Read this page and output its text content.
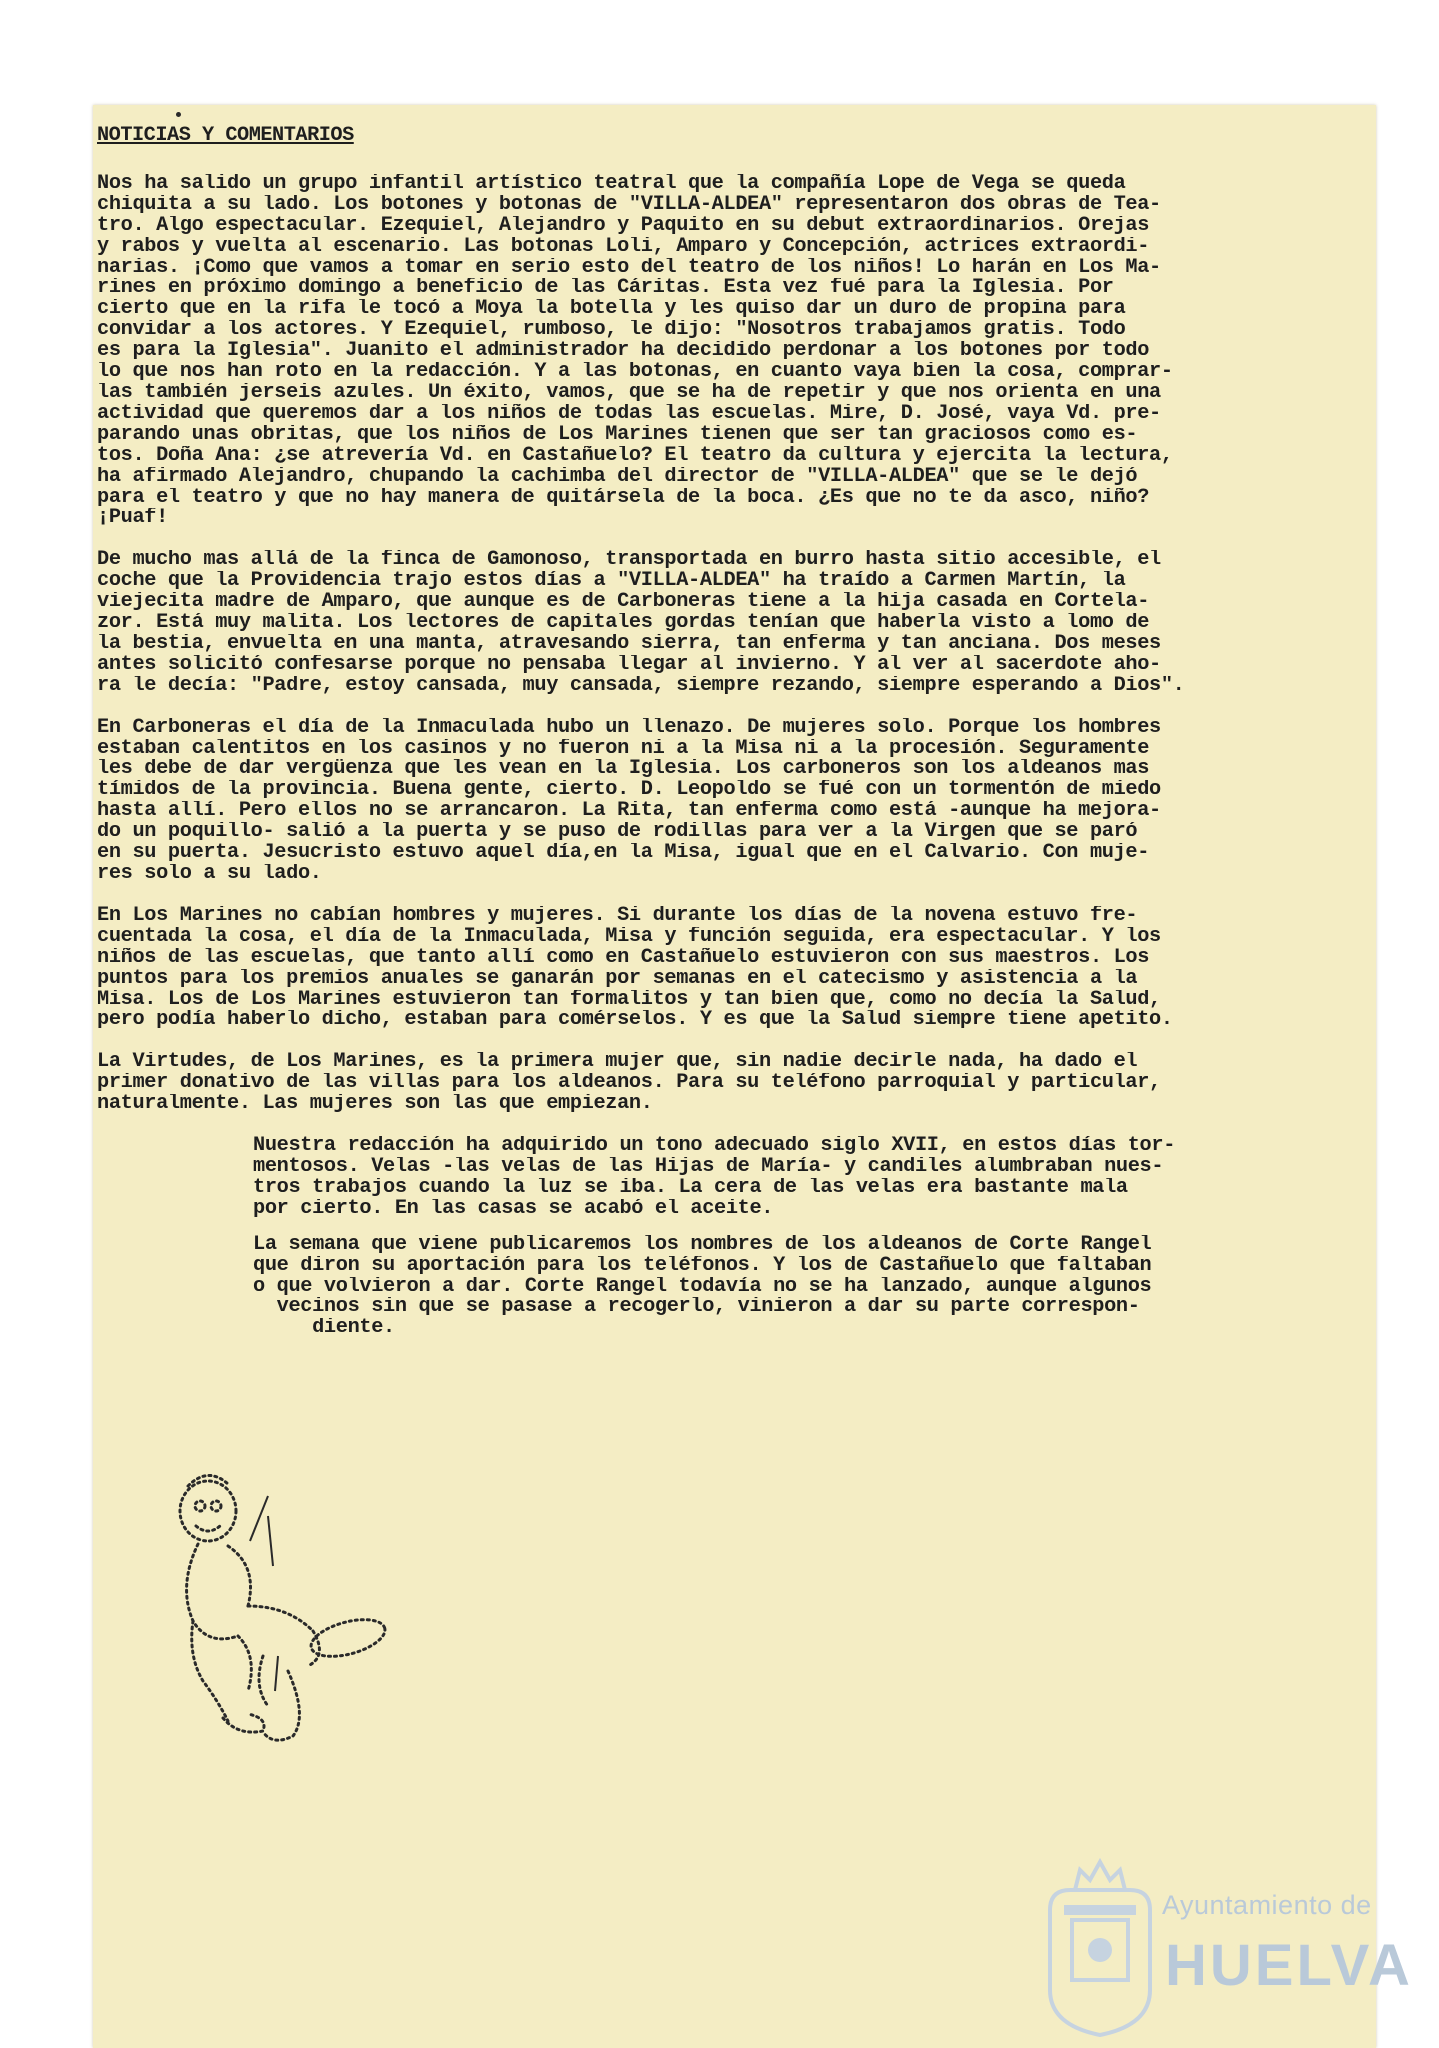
NOTICIAS Y COMENTARIOS
Nos ha salido un grupo infantil artístico teatral que la compañía Lope de Vega se queda
chiquita a su lado. Los botones y botonas de "VILLA-ALDEA" representaron dos obras de Tea-
tro. Algo espectacular. Ezequiel, Alejandro y Paquito en su debut extraordinarios. Orejas
y rabos y vuelta al escenario. Las botonas Loli, Amparo y Concepción, actrices extraordi-
narias. ¡Como que vamos a tomar en serio esto del teatro de los niños! Lo harán en Los Ma-
rines en próximo domingo a beneficio de las Cáritas. Esta vez fué para la Iglesia. Por
cierto que en la rifa le tocó a Moya la botella y les quiso dar un duro de propina para
convidar a los actores. Y Ezequiel, rumboso, le dijo: "Nosotros trabajamos gratis. Todo
es para la Iglesia". Juanito el administrador ha decidido perdonar a los botones por todo
lo que nos han roto en la redacción. Y a las botonas, en cuanto vaya bien la cosa, comprar-
las también jerseis azules. Un éxito, vamos, que se ha de repetir y que nos orienta en una
actividad que queremos dar a los niños de todas las escuelas. Mire, D. José, vaya Vd. pre-
parando unas obritas, que los niños de Los Marines tienen que ser tan graciosos como es-
tos. Doña Ana: ¿se atrevería Vd. en Castañuelo? El teatro da cultura y ejercita la lectura,
ha afirmado Alejandro, chupando la cachimba del director de "VILLA-ALDEA" que se le dejó
para el teatro y que no hay manera de quitársela de la boca. ¿Es que no te da asco, niño?
¡Puaf!
De mucho mas allá de la finca de Gamonoso, transportada en burro hasta sitio accesible, el
coche que la Providencia trajo estos días a "VILLA-ALDEA" ha traído a Carmen Martín, la
viejecita madre de Amparo, que aunque es de Carboneras tiene a la hija casada en Cortela-
zor. Está muy malita. Los lectores de capitales gordas tenían que haberla visto a lomo de
la bestia, envuelta en una manta, atravesando sierra, tan enferma y tan anciana. Dos meses
antes solicitó confesarse porque no pensaba llegar al invierno. Y al ver al sacerdote aho-
ra le decía: "Padre, estoy cansada, muy cansada, siempre rezando, siempre esperando a Dios".
En Carboneras el día de la Inmaculada hubo un llenazo. De mujeres solo. Porque los hombres
estaban calentitos en los casinos y no fueron ni a la Misa ni a la procesión. Seguramente
les debe de dar vergüenza que les vean en la Iglesia. Los carboneros son los aldeanos mas
tímidos de la provincia. Buena gente, cierto. D. Leopoldo se fué con un tormentón de miedo
hasta allí. Pero ellos no se arrancaron. La Rita, tan enferma como está -aunque ha mejora-
do un poquillo- salió a la puerta y se puso de rodillas para ver a la Virgen que se paró
en su puerta. Jesucristo estuvo aquel día,en la Misa, igual que en el Calvario. Con muje-
res solo a su lado.
En Los Marines no cabían hombres y mujeres. Si durante los días de la novena estuvo fre-
cuentada la cosa, el día de la Inmaculada, Misa y función seguida, era espectacular. Y los
niños de las escuelas, que tanto allí como en Castañuelo estuvieron con sus maestros. Los
puntos para los premios anuales se ganarán por semanas en el catecismo y asistencia a la
Misa. Los de Los Marines estuvieron tan formalitos y tan bien que, como no decía la Salud,
pero podía haberlo dicho, estaban para comérselos. Y es que la Salud siempre tiene apetito.
La Virtudes, de Los Marines, es la primera mujer que, sin nadie decirle nada, ha dado el
primer donativo de las villas para los aldeanos. Para su teléfono parroquial y particular,
naturalmente. Las mujeres son las que empiezan.
Nuestra redacción ha adquirido un tono adecuado siglo XVII, en estos días tor-
mentosos. Velas -las velas de las Hijas de María- y candiles alumbraban nues-
tros trabajos cuando la luz se iba. La cera de las velas era bastante mala
por cierto. En las casas se acabó el aceite.
La semana que viene publicaremos los nombres de los aldeanos de Corte Rangel
que diron su aportación para los teléfonos. Y los de Castañuelo que faltaban
o que volvieron a dar. Corte Rangel todavía no se ha lanzado, aunque algunos
vecinos sin que se pasase a recogerlo, vinieron a dar su parte correspon-
diente.
Ayuntamiento de
HUELVA
